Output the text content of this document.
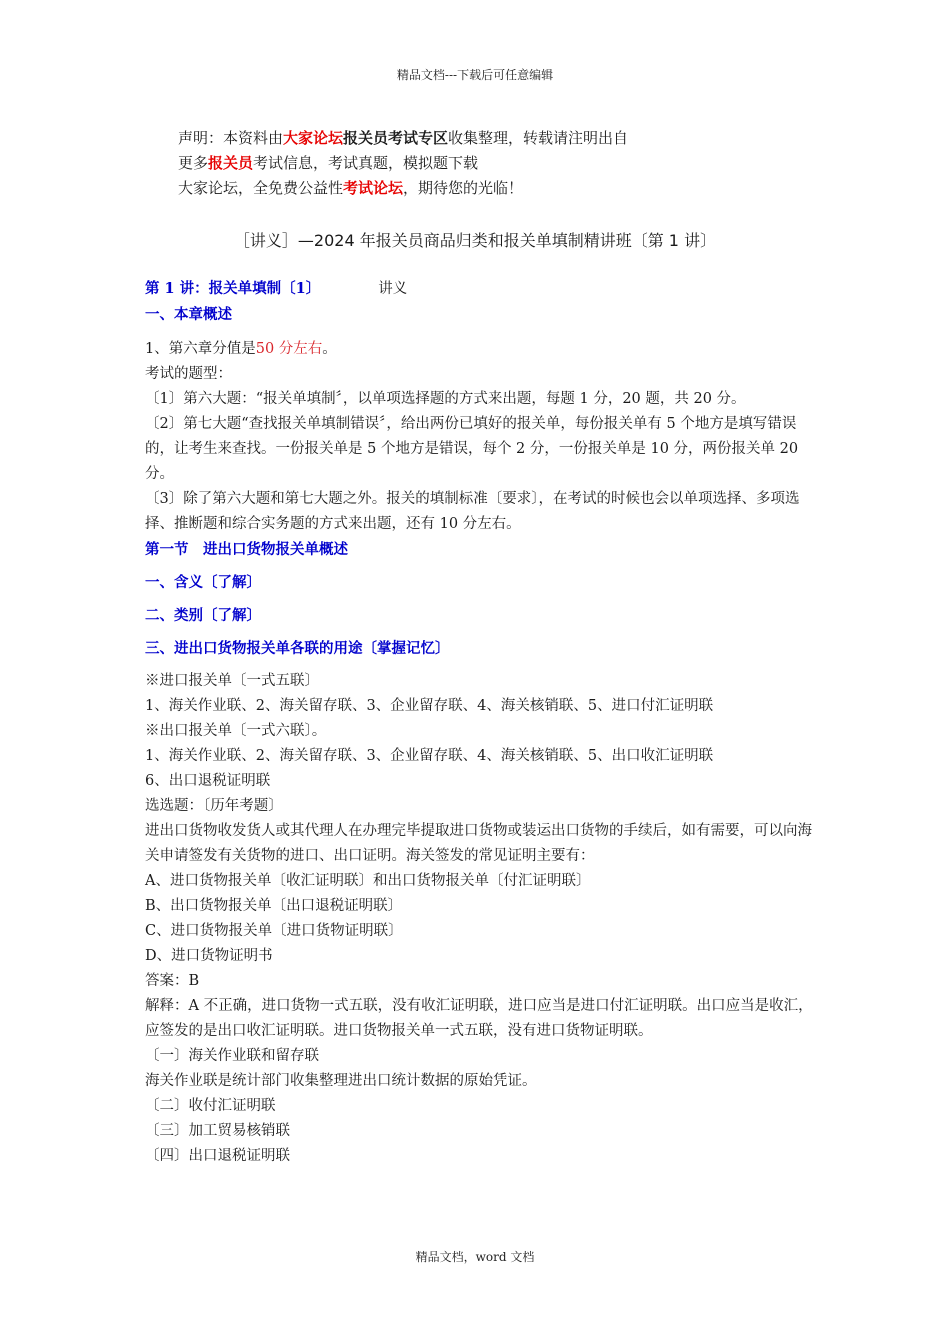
精品文档---下载后可任意编辑
声明：本资料由大家论坛报关员考试专区收集整理，转载请注明出自
更多报关员考试信息，考试真题，模拟题下载
大家论坛，全免费公益性考试论坛，期待您的光临！
［讲义］—2024 年报关员商品归类和报关单填制精讲班〔第 1 讲〕

第 1 讲：报关单填制〔1〕	讲义

一、本章概述

1、第六章分值是50 分左右。

考试的题型：

〔1〕第六大题：“报关单填制〞，以单项选择题的方式来出题，每题 1 分，20 题，共 20 分。

〔2〕第七大题“查找报关单填制错误〞，给出两份已填好的报关单，每份报关单有 5 个地方是填写错误的，让考生来查找。一份报关单是 5 个地方是错误，每个 2 分，一份报关单是 10 分，两份报关单 20 分。

〔3〕除了第六大题和第七大题之外。报关的填制标准〔要求〕，在考试的时候也会以单项选择、多项选择、推断题和综合实务题的方式来出题，还有 10 分左右。

第一节　进出口货物报关单概述

一、含义〔了解〕

二、类别〔了解〕

三、进出口货物报关单各联的用途〔掌握记忆〕

※进口报关单〔一式五联〕

1、海关作业联、2、海关留存联、3、企业留存联、4、海关核销联、5、进口付汇证明联

※出口报关单〔一式六联〕。

1、海关作业联、2、海关留存联、3、企业留存联、4、海关核销联、5、出口收汇证明联

6、出口退税证明联

选选题：〔历年考题〕

进出口货物收发货人或其代理人在办理完毕提取进口货物或装运出口货物的手续后，如有需要，可以向海关申请签发有关货物的进口、出口证明。海关签发的常见证明主要有：

A、进口货物报关单〔收汇证明联〕和出口货物报关单〔付汇证明联〕

B、出口货物报关单〔出口退税证明联〕

C、进口货物报关单〔进口货物证明联〕

D、进口货物证明书

答案：B

解释：A 不正确，进口货物一式五联，没有收汇证明联，进口应当是进口付汇证明联。出口应当是收汇，应签发的是出口收汇证明联。进口货物报关单一式五联，没有进口货物证明联。

〔一〕海关作业联和留存联

海关作业联是统计部门收集整理进出口统计数据的原始凭证。

〔二〕收付汇证明联

〔三〕加工贸易核销联

〔四〕出口退税证明联

精品文档，word 文档
